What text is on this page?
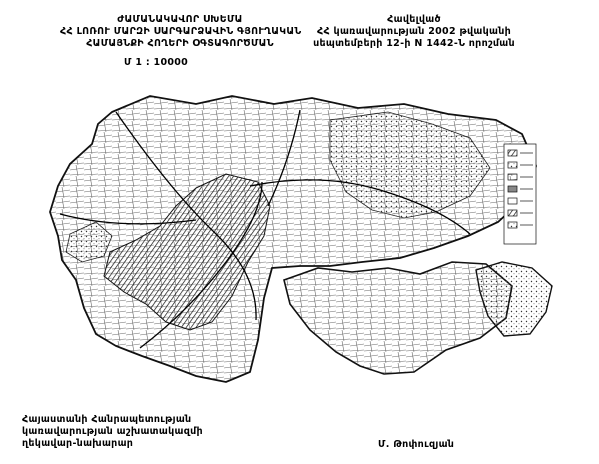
ԺԱՄԱՆԱԿԱՎՈՐ ՍԽԵՄԱ
ՀՀ ԼՈՌՈՒ ՄԱՐԶԻ ՍԱՐԳԱՐՁԱՎԻՆ ԳՅՈՒՂԱԿԱՆ
ՀԱՄԱՅՆՔԻ ՀՈՂԵՐԻ ՕԳՏԱԳՈՐԾՄԱՆ
Մ 1 : 10000
Հավելված
ՀՀ կառավարության 2002 թվականի
սեպտեմբերի 12-ի N 1442-Ն որոշման
Հայաստանի Հանրապետության
կառավարության աշխատակազմի
ղեկավար-նախարար	Մ. Թոփուզյան
